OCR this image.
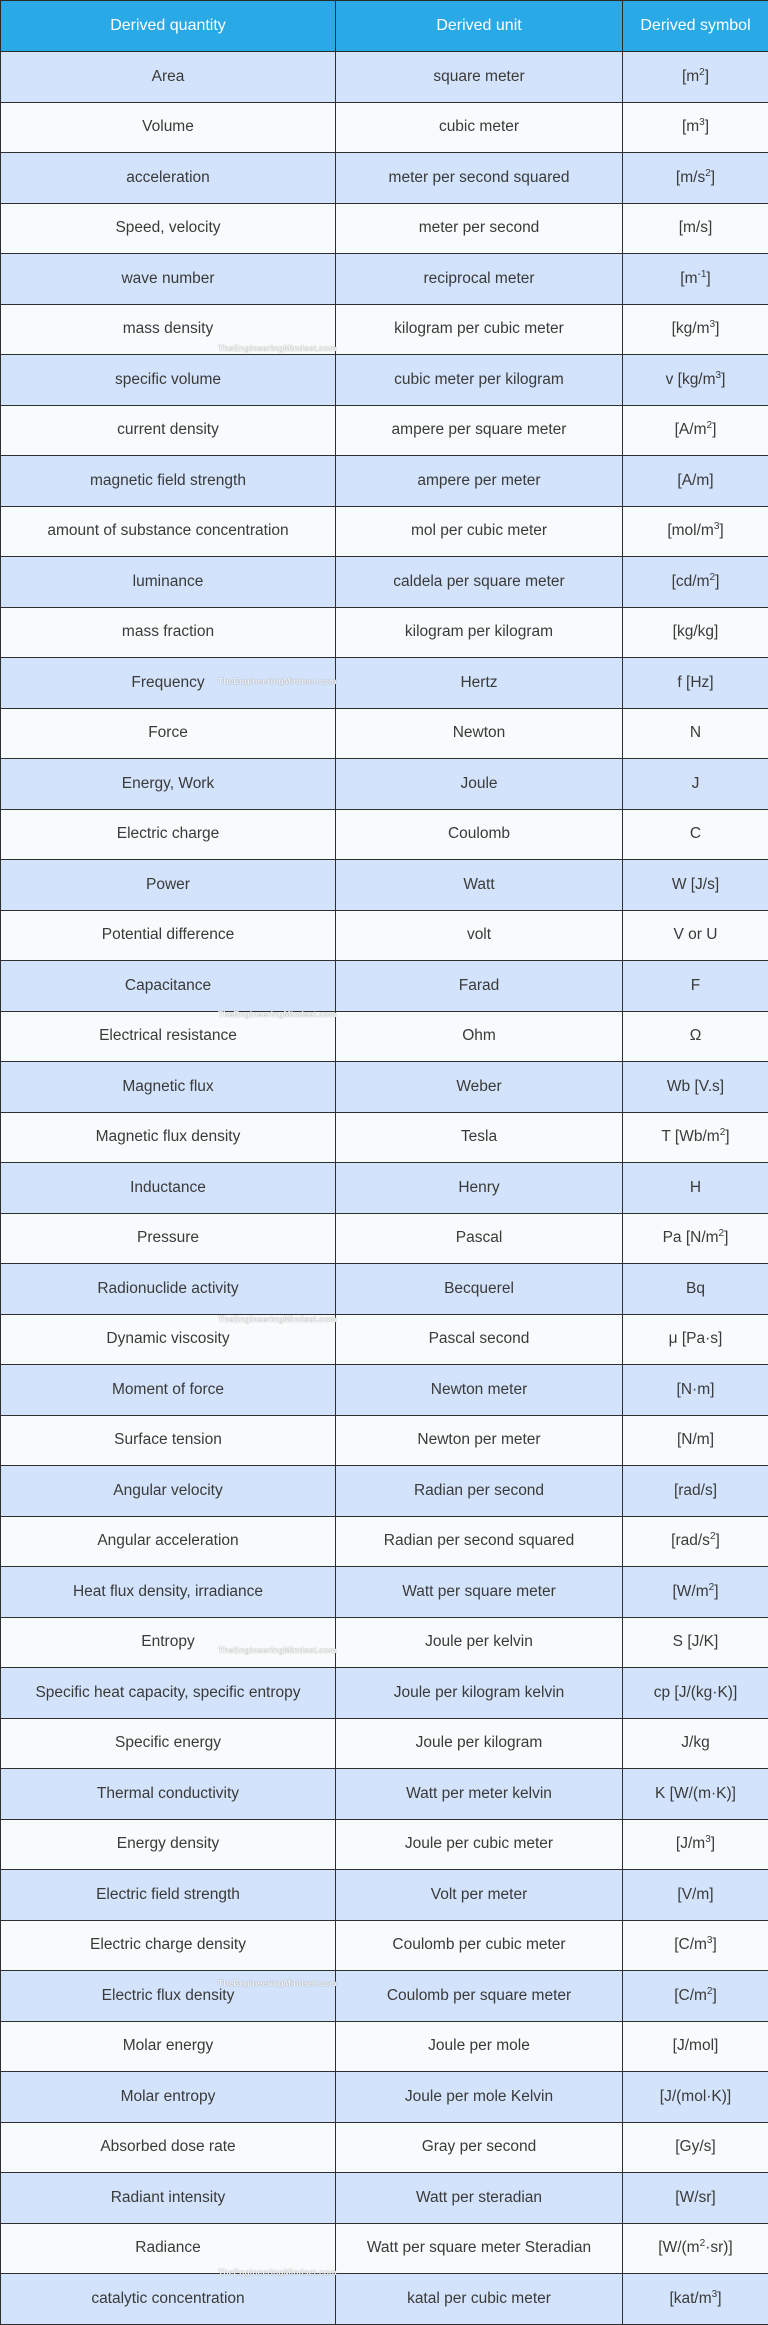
Derived quantity	Derived unit	Derived symbol
Area	square meter	$[m^2]$
Volume	cubic meter	$[m^3]$
acceleration	meter per second squared	$[m/s^2]$
Speed, velocity	meter per second	[m/s]
wave number	reciprocal meter	$[m^{-1}]$
mass density	kilogram per cubic meter	$[kg/m^3]$
specific volume	cubic meter per kilogram	v $[kg/m^3]$
current density	ampere per square meter	$[A/m^2]$
magnetic field strength	ampere per meter	[A/m]
amount of substance concentration	mol per cubic meter	$[mol/m^3]$
luminance	caldela per square meter	$[cd/m^2]$
mass fraction	kilogram per kilogram	[kg/kg]
Frequency	Hertz	f [Hz]
Force	Newton	N
Energy, Work	Joule	J
Electric charge	Coulomb	C
Power	Watt	W [J/s]
Potential difference	volt	V or U
Capacitance	Farad	F
Electrical resistance	Ohm	Ω
Magnetic flux	Weber	Wb [V.s]
Magnetic flux density	Tesla	T $[Wb/m^2]$
Inductance	Henry	H
Pressure	Pascal	Pa $[N/m^2]$
Radionuclide activity	Becquerel	Bq
Dynamic viscosity	Pascal second	μ [Pa·s]
Moment of force	Newton meter	[N·m]
Surface tension	Newton per meter	[N/m]
Angular velocity	Radian per second	[rad/s]
Angular acceleration	Radian per second squared	$[rad/s^2]$
Heat flux density, irradiance	Watt per square meter	$[W/m^2]$
Entropy	Joule per kelvin	S [J/K]
Specific heat capacity, specific entropy	Joule per kilogram kelvin	cp [J/(kg·K)]
Specific energy	Joule per kilogram	J/kg
Thermal conductivity	Watt per meter kelvin	K [W/(m·K)]
Energy density	Joule per cubic meter	$[J/m^3]$
Electric field strength	Volt per meter	[V/m]
Electric charge density	Coulomb per cubic meter	$[C/m^3]$
Electric flux density	Coulomb per square meter	$[C/m^2]$
Molar energy	Joule per mole	[J/mol]
Molar entropy	Joule per mole Kelvin	[J/(mol·K)]
Absorbed dose rate	Gray per second	[Gy/s]
Radiant intensity	Watt per steradian	[W/sr]
Radiance	Watt per square meter Steradian	$[W/(m^2\cdot sr)]$
catalytic concentration	katal per cubic meter	$[kat/m^3]$
TheEngineeringMindset.com
TheEngineeringMindset.com
TheEngineeringMindset.com
TheEngineeringMindset.com
TheEngineeringMindset.com
TheEngineeringMindset.com
TheEngineeringMindset.com
